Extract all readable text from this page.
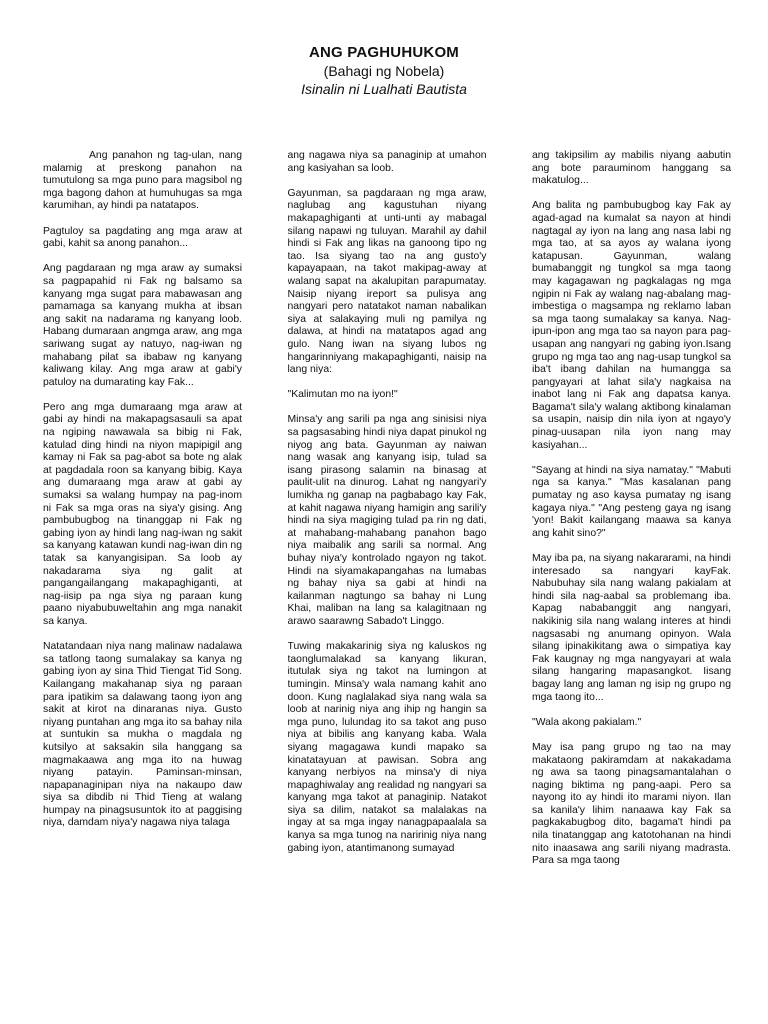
ANG PAGHUHUKOM
(Bahagi ng Nobela)
Isinalin ni Lualhati Bautista

Ang panahon ng tag-ulan, nang malamig at preskong panahon na tumutulong sa mga puno para magsibol ng mga bagong dahon at humuhugas sa mga karumihan, ay hindi pa natatapos.

Pagtuloy sa pagdating ang mga araw at gabi, kahit sa anong panahon...

Ang pagdaraan ng mga araw ay sumaksi sa pagpapahid ni Fak ng balsamo sa kanyang mga sugat para mabawasan ang pamamaga sa kanyang mukha at ibsan ang sakit na nadarama ng kanyang loob. Habang dumaraan angmga araw, ang mga sariwang sugat ay natuyo, nag-iwan ng mahabang pilat sa ibabaw ng kanyang kaliwang kilay. Ang mga araw at gabi'y patuloy na dumarating kay Fak...

Pero ang mga dumaraang mga araw at gabi ay hindi na makapagsasauli sa apat na ngiping nawawala sa bibig ni Fak, katulad ding hindi na niyon mapipigil ang kamay ni Fak sa pag-abot sa bote ng alak at pagdadala roon sa kanyang bibig. Kaya ang dumaraang mga araw at gabi ay sumaksi sa walang humpay na pag-inom ni Fak sa mga oras na siya'y gising. Ang pambubugbog na tinanggap ni Fak ng gabing iyon ay hindi lang nag-iwan ng sakit sa kanyang katawan kundi nag-iwan din ng tatak sa kanyangisipan. Sa loob ay nakadarama siya ng galit at pangangailangang makapaghiganti, at nag-iisip pa nga siya ng paraan kung paano niyabubuweltahin ang mga nanakit sa kanya.

Natatandaan niya nang malinaw nadalawa sa tatlong taong sumalakay sa kanya ng gabing iyon ay sina Thid Tiengat Tid Song. Kailangang makahanap siya ng paraan para ipatikim sa dalawang taong iyon ang sakit at kirot na dinaranas niya. Gusto niyang puntahan ang mga ito sa bahay nila at suntukin sa mukha o magdala ng kutsilyo at saksakin sila hanggang sa magmakaawa ang mga ito na huwag niyang patayin. Paminsan-minsan, napapanaginipan niya na nakaupo daw siya sa dibdib ni Thid Tieng at walang humpay na pinagsusuntok ito at paggising niya, damdam niya'y nagawa niya talaga

ang nagawa niya sa panaginip at umahon ang kasiyahan sa loob.

Gayunman, sa pagdaraan ng mga araw, naglubag ang kagustuhan niyang makapaghiganti at unti-unti ay mabagal silang napawi ng tuluyan. Marahil ay dahil hindi si Fak ang likas na ganoong tipo ng tao. Isa siyang tao na ang gusto'y kapayapaan, na takot makipag-away at walang sapat na akalupitan parapumatay. Naisip niyang ireport sa pulisya ang nangyari pero natatakot naman nabalikan siya at salakaying muli ng pamilya ng dalawa, at hindi na matatapos agad ang gulo. Nang iwan na siyang lubos ng hangarinniyang makapaghiganti, naisip na lang niya:

"Kalimutan mo na iyon!"

Minsa'y ang sarili pa nga ang sinisisi niya sa pagsasabing hindi niya dapat pinukol ng niyog ang bata. Gayunman ay naiwan nang wasak ang kanyang isip, tulad sa isang pirasong salamin na binasag at paulit-ulit na dinurog. Lahat ng nangyari'y lumikha ng ganap na pagbabago kay Fak, at kahit nagawa niyang hamigin ang sarili'y hindi na siya magiging tulad pa rin ng dati, at mahabang-mahabang panahon bago niya maibalik ang sarili sa normal. Ang buhay niya'y kontrolado ngayon ng takot. Hindi na siyamakapangahas na lumabas ng bahay niya sa gabi at hindi na kailanman nagtungo sa bahay ni Lung Khai, maliban na lang sa kalagitnaan ng arawo saarawng Sabado't Linggo.

Tuwing makakarinig siya ng kaluskos ng taonglumalakad sa kanyang likuran, itutulak siya ng takot na lumingon at tumingin. Minsa'y wala namang kahit ano doon. Kung naglalakad siya nang wala sa loob at narinig niya ang ihip ng hangin sa mga puno, lulundag ito sa takot ang puso niya at bibilis ang kanyang kaba. Wala siyang magagawa kundi mapako sa kinatatayuan at pawisan. Sobra ang kanyang nerbiyos na minsa'y di niya mapaghiwalay ang realidad ng nangyari sa kanyang mga takot at panaginip. Natakot siya sa dilim, natakot sa malalakas na ingay at sa mga ingay nanagpapaalala sa kanya sa mga tunog na naririnig niya nang gabing iyon, atantimanong sumayad

ang takipsilim ay mabilis niyang aabutin ang bote parauminom hanggang sa makatulog...

Ang balita ng pambubugbog kay Fak ay agad-agad na kumalat sa nayon at hindi nagtagal ay iyon na lang ang nasa labi ng mga tao, at sa ayos ay walana iyong katapusan. Gayunman, walang bumabanggit ng tungkol sa mga taong may kagagawan ng pagkalagas ng mga ngipin ni Fak ay walang nag-abalang mag-imbestiga o magsampa ng reklamo laban sa mga taong sumalakay sa kanya. Nag-ipun-ipon ang mga tao sa nayon para pag-usapan ang nangyari ng gabing iyon.Isang grupo ng mga tao ang nag-usap tungkol sa iba't ibang dahilan na humangga sa pangyayari at lahat sila'y nagkaisa na inabot lang ni Fak ang dapatsa kanya. Bagama't sila'y walang aktibong kinalaman sa usapin, naisip din nila iyon at ngayo'y pinag-uusapan nila iyon nang may kasiyahan...

"Sayang at hindi na siya namatay." "Mabuti nga sa kanya." "Mas kasalanan pang pumatay ng aso kaysa pumatay ng isang kagaya niya." "Ang pesteng gaya ng isang 'yon! Bakit kailangang maawa sa kanya ang kahit sino?"

May iba pa, na siyang nakararami, na hindi interesado sa nangyari kayFak. Nabubuhay sila nang walang pakialam at hindi sila nag-aabal sa problemang iba. Kapag nababanggit ang nangyari, nakikinig sila nang walang interes at hindi nagsasabi ng anumang opinyon. Wala silang ipinakikitang awa o simpatiya kay Fak kaugnay ng mga nangyayari at wala silang hangaring mapasangkot. Iisang bagay lang ang laman ng isip ng grupo ng mga taong ito...

"Wala akong pakialam."

May isa pang grupo ng tao na may makataong pakiramdam at nakakadama ng awa sa taong pinagsamantalahan o naging biktima ng pang-aapi. Pero sa nayong ito ay hindi ito marami niyon. Ilan sa kanila'y lihim nanaawa kay Fak sa pagkakabugbog dito, bagama't hindi pa nila tinatanggap ang katotohanan na hindi nito inaasawa ang sarili niyang madrasta. Para sa mga taong
